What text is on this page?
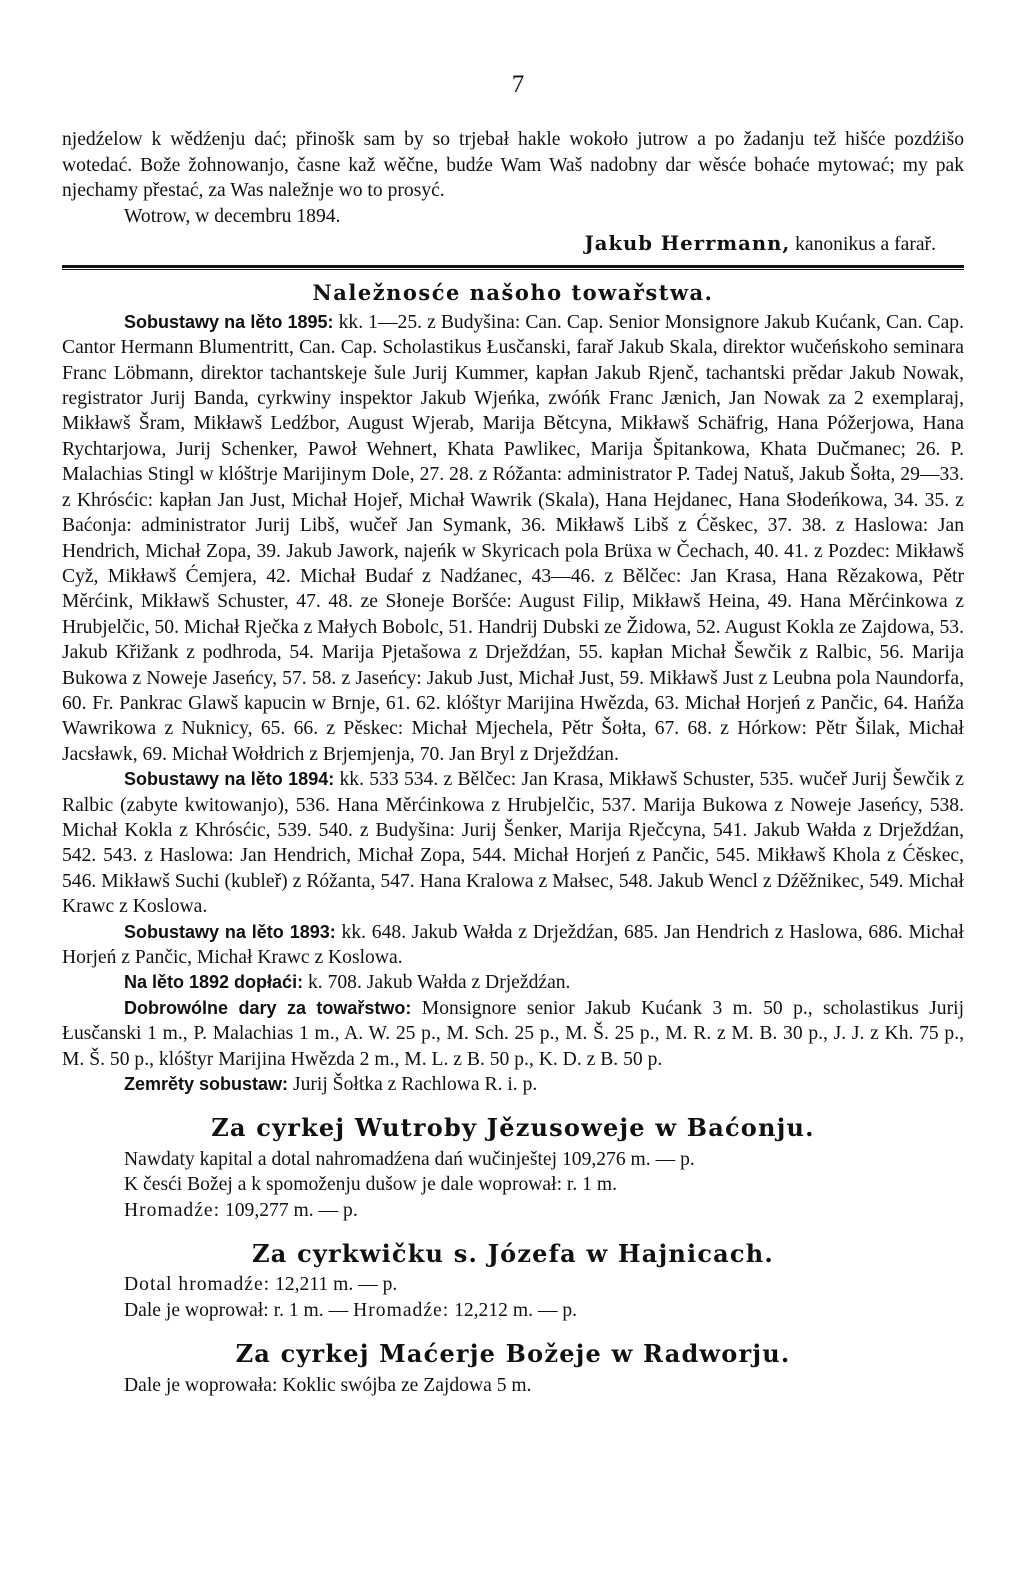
7

njedźelow k wědźenju dać; přinošk sam by so trjebał hakle wokoło jutrow a po žadanju tež hišće pozdźišo wotedać. Bože žohnowanjo, časne kaž wěčne, budźe Wam Waš nadobny dar wěsće bohaće mytować; my pak njechamy přestać, za Was naležnje wo to prosyć.

Wotrow, w decembru 1894.

Jakub Herrmann, kanonikus a farař.

Naležnosće našoho towařstwa.

Sobustawy na lěto 1895: kk. 1—25. z Budyšina: Can. Cap. Senior Monsignore Jakub Kućank, Can. Cap. Cantor Hermann Blumentritt, Can. Cap. Scholastikus Łusčanski, farař Jakub Skala, direktor wučeńskoho seminara Franc Löbmann, direktor tachantskeje šule Jurij Kummer, kapłan Jakub Rjenč, tachantski prědar Jakub Nowak, registrator Jurij Banda, cyrkwiny inspektor Jakub Wjeńka, zwóńk Franc Jænich, Jan Nowak za 2 exemplaraj, Mikławš Šram, Mikławš Ledźbor, August Wjerab, Marija Bětcyna, Mikławš Schäfrig, Hana Póžerjowa, Hana Rychtarjowa, Jurij Schenker, Pawoł Wehnert, Khata Pawlikec, Marija Špitankowa, Khata Dučmanec; 26. P. Malachias Stingl w klóštrje Marijinym Dole, 27. 28. z Róžanta: administrator P. Tadej Natuš, Jakub Šołta, 29—33. z Khrósćic: kapłan Jan Just, Michał Hojeř, Michał Wawrik (Skala), Hana Hejdanec, Hana Słodeńkowa, 34. 35. z Baćonja: administrator Jurij Libš, wučeř Jan Symank, 36. Mikławš Libš z Ćěskec, 37. 38. z Haslowa: Jan Hendrich, Michał Zopa, 39. Jakub Jawork, najeńk w Skyricach pola Brüxa w Čechach, 40. 41. z Pozdec: Mikławš Cyž, Mikławš Ćemjera, 42. Michał Budaŕ z Nadźanec, 43—46. z Bělčec: Jan Krasa, Hana Rězakowa, Pětr Měrćink, Mikławš Schuster, 47. 48. ze Słoneje Boršće: August Filip, Mikławš Heina, 49. Hana Měrćinkowa z Hrubjelčic, 50. Michał Rječka z Małych Bobolc, 51. Handrij Dubski ze Židowa, 52. August Kokla ze Zajdowa, 53. Jakub Křižank z podhroda, 54. Marija Pjetašowa z Drježdźan, 55. kapłan Michał Šewčik z Ralbic, 56. Marija Bukowa z Noweje Jaseńcy, 57. 58. z Jaseńcy: Jakub Just, Michał Just, 59. Mikławš Just z Leubna pola Naundorfa, 60. Fr. Pankrac Glawš kapucin w Brnje, 61. 62. klóštyr Marijina Hwězda, 63. Michał Horjeń z Pančic, 64. Hańža Wawrikowa z Nuknicy, 65. 66. z Pěskec: Michał Mjechela, Pětr Šołta, 67. 68. z Hórkow: Pětr Šilak, Michał Jacsławk, 69. Michał Wołdrich z Brjemjenja, 70. Jan Bryl z Drježdźan.

Sobustawy na lěto 1894: kk. 533 534. z Bělčec: Jan Krasa, Mikławš Schuster, 535. wučeř Jurij Šewčik z Ralbic (zabyte kwitowanjo), 536. Hana Měrćinkowa z Hrubjelčic, 537. Marija Bukowa z Noweje Jaseńcy, 538. Michał Kokla z Khrósćic, 539. 540. z Budyšina: Jurij Šenker, Marija Rječcyna, 541. Jakub Wałda z Drježdźan, 542. 543. z Haslowa: Jan Hendrich, Michał Zopa, 544. Michał Horjeń z Pančic, 545. Mikławš Khola z Ćěskec, 546. Mikławš Suchi (kubleř) z Róžanta, 547. Hana Kralowa z Małsec, 548. Jakub Wencl z Dźěžnikec, 549. Michał Krawc z Koslowa.

Sobustawy na lěto 1893: kk. 648. Jakub Wałda z Drježdźan, 685. Jan Hendrich z Haslowa, 686. Michał Horjeń z Pančic, Michał Krawc z Koslowa.

Na lěto 1892 dopłaći: k. 708. Jakub Wałda z Drježdźan.

Dobrowólne dary za towařstwo: Monsignore senior Jakub Kućank 3 m. 50 p., scholastikus Jurij Łusčanski 1 m., P. Malachias 1 m., A. W. 25 p., M. Sch. 25 p., M. Š. 25 p., M. R. z M. B. 30 p., J. J. z Kh. 75 p., M. Š. 50 p., klóštyr Marijina Hwězda 2 m., M. L. z B. 50 p., K. D. z B. 50 p.

Zemrěty sobustaw: Jurij Šołtka z Rachlowa R. i. p.

Za cyrkej Wutroby Jězusoweje w Baćonju.

Nawdaty kapital a dotal nahromadźena dań wučinještej 109,276 m. — p.

K česći Božej a k spomoženju dušow je dale woprował: r. 1 m.

Hromadźe: 109,277 m. — p.

Za cyrkwičku s. Józefa w Hajnicach.

Dotal hromadźe: 12,211 m. — p.

Dale je woprował: r. 1 m. — Hromadźe: 12,212 m. — p.

Za cyrkej Maćerje Božeje w Radworju.

Dale je woprowała: Koklic swójba ze Zajdowa 5 m.
